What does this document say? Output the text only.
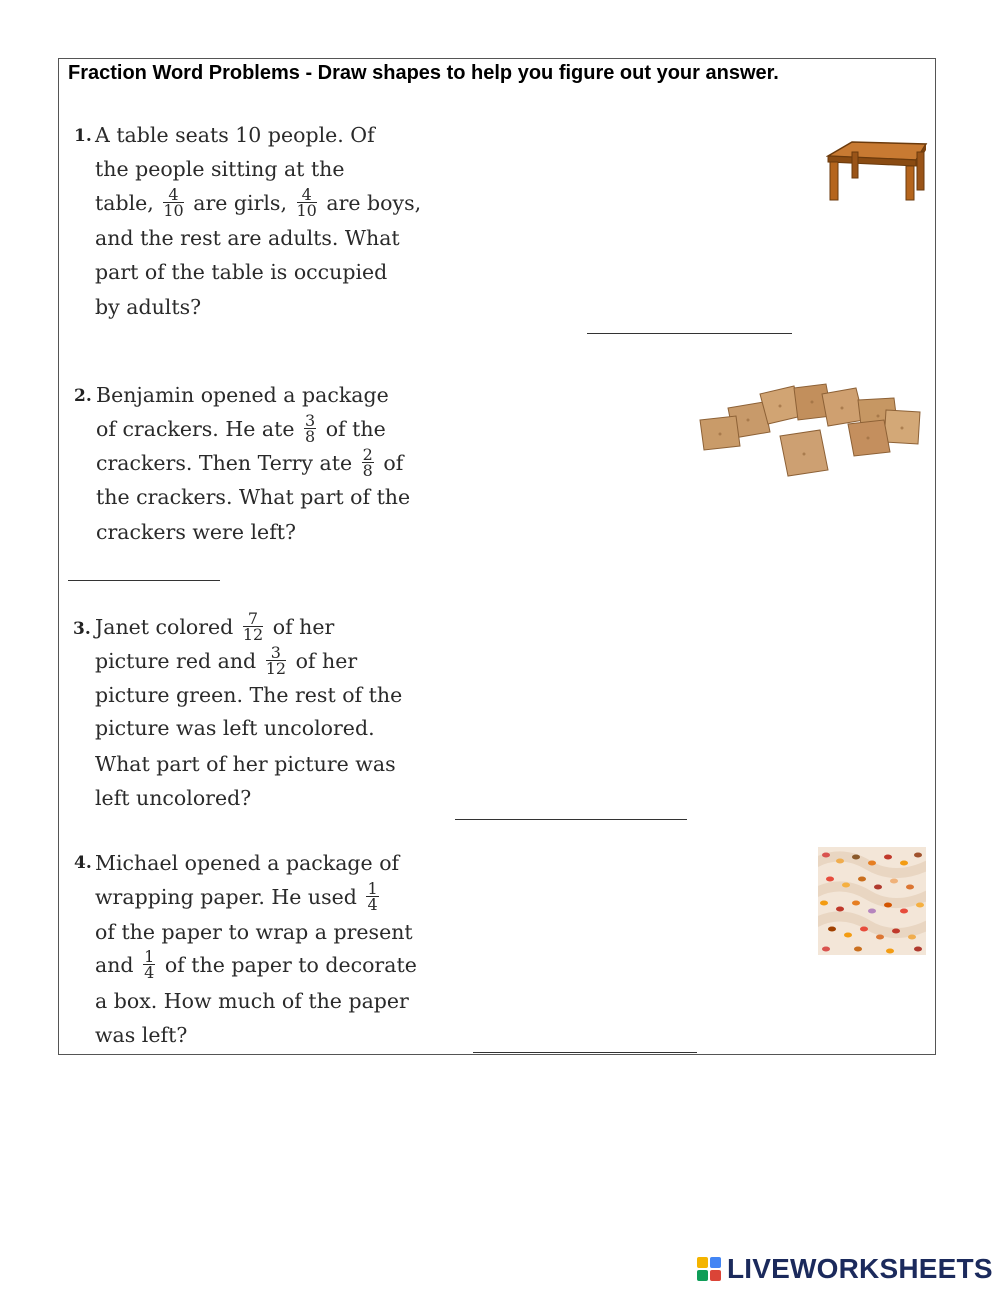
Fraction Word Problems - Draw shapes to help you figure out your answer.
1. A table seats 10 people. Of
the people sitting at the
table, $\frac{4}{10}$ are girls, $\frac{4}{10}$ are boys,
and the rest are adults. What
part of the table is occupied
by adults?
2. Benjamin opened a package
of crackers. He ate $\frac{3}{8}$ of the
crackers. Then Terry ate $\frac{2}{8}$ of
the crackers. What part of the
crackers were left?
3. Janet colored $\frac{7}{12}$ of her
picture red and $\frac{3}{12}$ of her
picture green. The rest of the
picture was left uncolored.
What part of her picture was
left uncolored?
4. Michael opened a package of
wrapping paper. He used $\frac{1}{4}$
of the paper to wrap a present
and $\frac{1}{4}$ of the paper to decorate
a box. How much of the paper
was left?
LIVEWORKSHEETS
